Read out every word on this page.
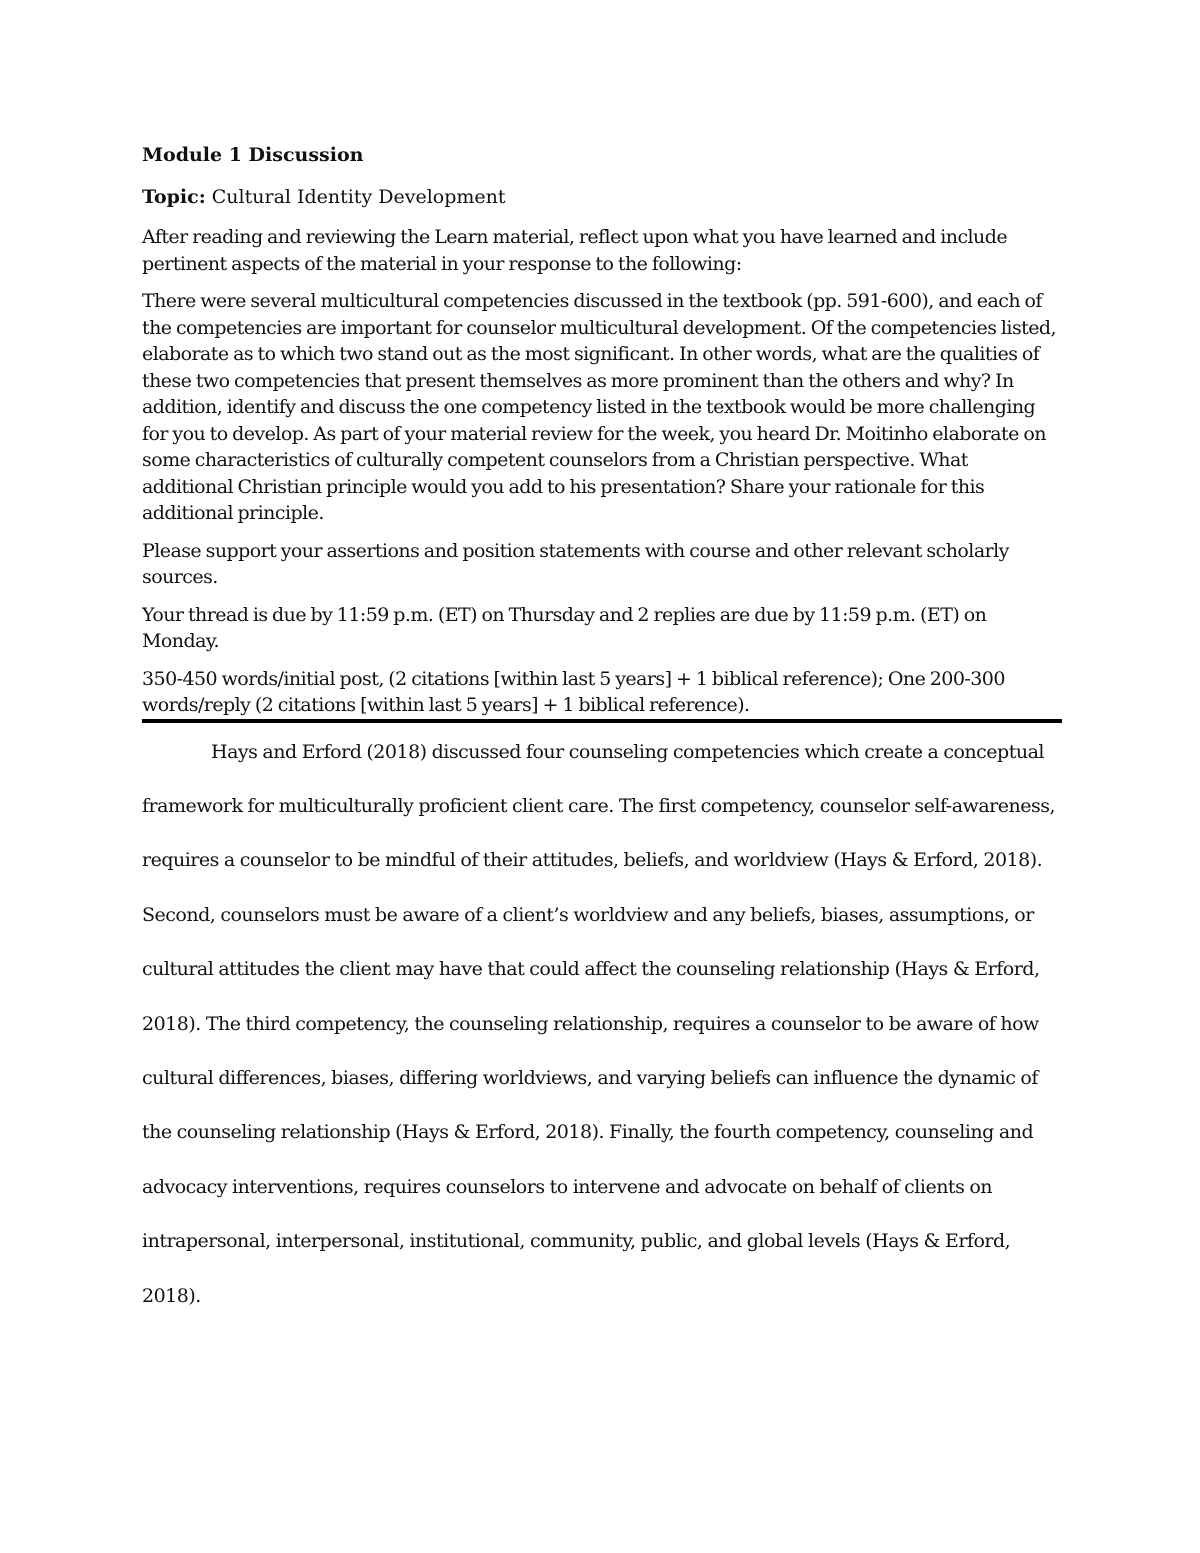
Module 1 Discussion
Topic: Cultural Identity Development

After reading and reviewing the Learn material, reflect upon what you have learned and include pertinent aspects of the material in your response to the following:

There were several multicultural competencies discussed in the textbook (pp. 591-600), and each of the competencies are important for counselor multicultural development. Of the competencies listed, elaborate as to which two stand out as the most significant. In other words, what are the qualities of these two competencies that present themselves as more prominent than the others and why? In addition, identify and discuss the one competency listed in the textbook would be more challenging for you to develop. As part of your material review for the week, you heard Dr. Moitinho elaborate on some characteristics of culturally competent counselors from a Christian perspective. What additional Christian principle would you add to his presentation? Share your rationale for this additional principle.

Please support your assertions and position statements with course and other relevant scholarly sources.

Your thread is due by 11:59 p.m. (ET) on Thursday and 2 replies are due by 11:59 p.m. (ET) on Monday.

350-450 words/initial post, (2 citations [within last 5 years] + 1 biblical reference); One 200-300 words/reply (2 citations [within last 5 years] + 1 biblical reference).

Hays and Erford (2018) discussed four counseling competencies which create a conceptual framework for multiculturally proficient client care. The first competency, counselor self-awareness, requires a counselor to be mindful of their attitudes, beliefs, and worldview (Hays & Erford, 2018). Second, counselors must be aware of a client’s worldview and any beliefs, biases, assumptions, or cultural attitudes the client may have that could affect the counseling relationship (Hays & Erford, 2018). The third competency, the counseling relationship, requires a counselor to be aware of how cultural differences, biases, differing worldviews, and varying beliefs can influence the dynamic of the counseling relationship (Hays & Erford, 2018). Finally, the fourth competency, counseling and advocacy interventions, requires counselors to intervene and advocate on behalf of clients on intrapersonal, interpersonal, institutional, community, public, and global levels (Hays & Erford, 2018).
